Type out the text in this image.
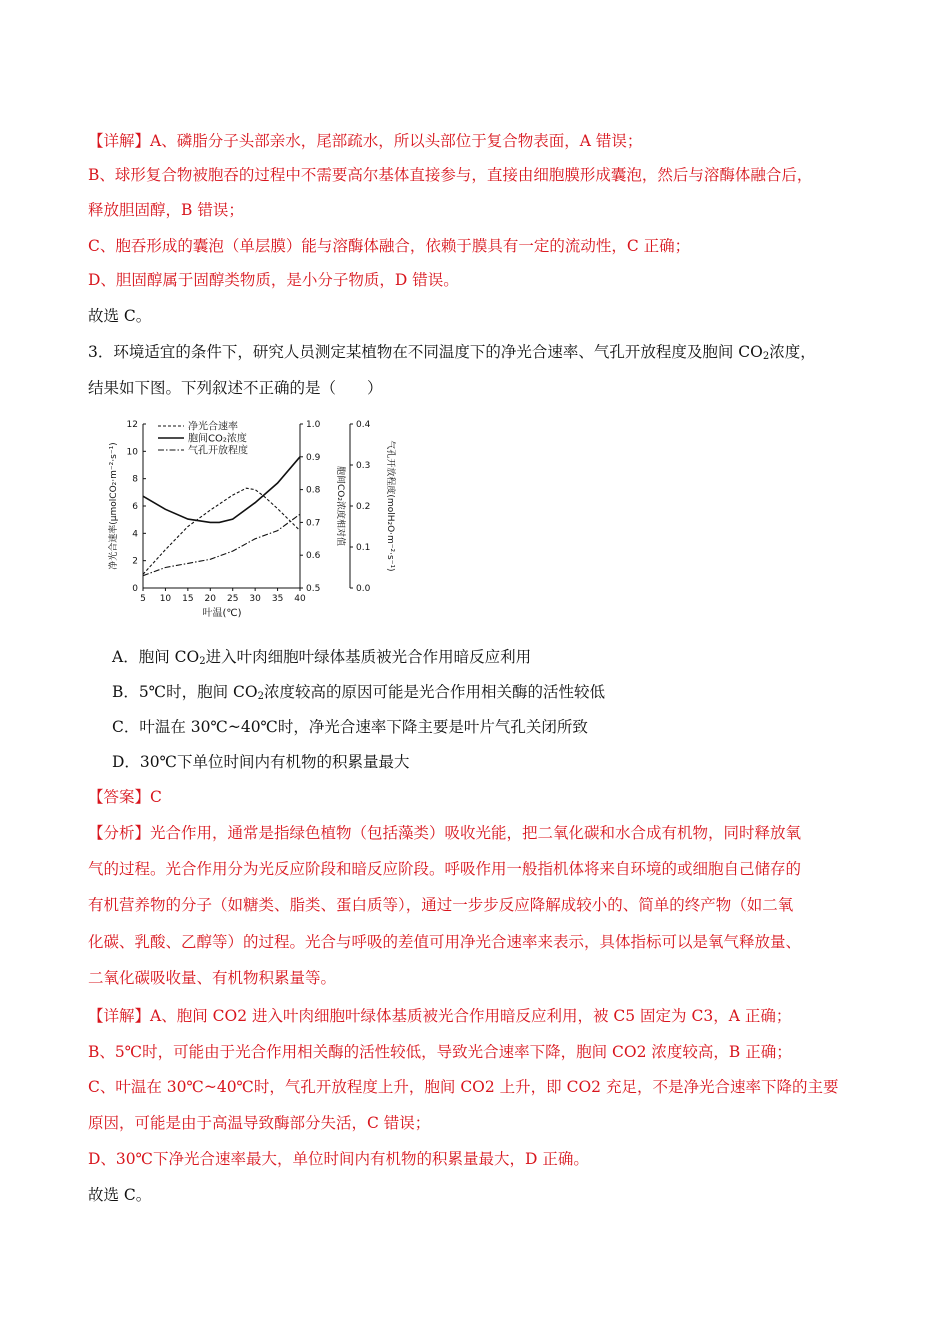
【详解】A、磷脂分子头部亲水，尾部疏水，所以头部位于复合物表面，A 错误；
B、球形复合物被胞吞的过程中不需要高尔基体直接参与，直接由细胞膜形成囊泡，然后与溶酶体融合后，
释放胆固醇，B 错误；
C、胞吞形成的囊泡（单层膜）能与溶酶体融合，依赖于膜具有一定的流动性，C 正确；
D、胆固醇属于固醇类物质，是小分子物质，D 错误。
故选 C。
3．环境适宜的条件下，研究人员测定某植物在不同温度下的净光合速率、气孔开放程度及胞间 $CO_2$浓度，
结果如下图。下列叙述不正确的是（　　）
5 10 15 20 25 30 35 40
叶温(℃)
0
2
4
6
8
10
12
净光合速率(μmolCO₂·m⁻²·s⁻¹)
0.5
0.6
0.7
0.8
0.9
1.0
胞间CO₂浓度相对值
0.0
0.1
0.2
0.3
0.4
气孔开放程度(molH₂O·m⁻²·s⁻¹)
净光合速率
胞间CO₂浓度
气孔开放程度
A．胞间 $CO_2$进入叶肉细胞叶绿体基质被光合作用暗反应利用
B．5℃时，胞间 $CO_2$浓度较高的原因可能是光合作用相关酶的活性较低
C．叶温在 30℃~40℃时，净光合速率下降主要是叶片气孔关闭所致
D．30℃下单位时间内有机物的积累量最大
【答案】C
【分析】光合作用，通常是指绿色植物（包括藻类）吸收光能，把二氧化碳和水合成有机物，同时释放氧
气的过程。光合作用分为光反应阶段和暗反应阶段。呼吸作用一般指机体将来自环境的或细胞自己储存的
有机营养物的分子（如糖类、脂类、蛋白质等），通过一步步反应降解成较小的、简单的终产物（如二氧
化碳、乳酸、乙醇等）的过程。光合与呼吸的差值可用净光合速率来表示，具体指标可以是氧气释放量、
二氧化碳吸收量、有机物积累量等。
【详解】A、胞间 CO2 进入叶肉细胞叶绿体基质被光合作用暗反应利用，被 C5 固定为 C3，A 正确；
B、5℃时，可能由于光合作用相关酶的活性较低，导致光合速率下降，胞间 CO2 浓度较高，B 正确；
C、叶温在 30℃~40℃时，气孔开放程度上升，胞间 CO2 上升，即 CO2 充足，不是净光合速率下降的主要
原因，可能是由于高温导致酶部分失活，C 错误；
D、30℃下净光合速率最大，单位时间内有机物的积累量最大，D 正确。
故选 C。
